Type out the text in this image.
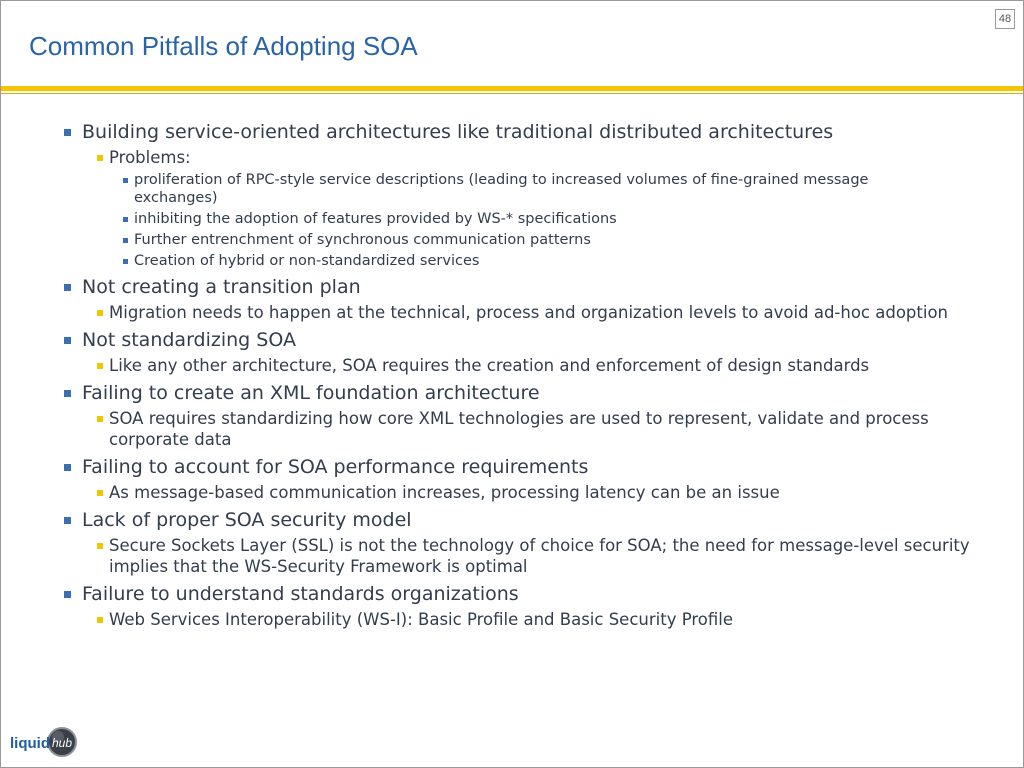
Common Pitfalls of Adopting SOA
48
Building service-oriented architectures like traditional distributed architectures
Problems:
proliferation of RPC-style service descriptions (leading to increased volumes of fine-grained message exchanges)
inhibiting the adoption of features provided by WS-* specifications
Further entrenchment of synchronous communication patterns
Creation of hybrid or non-standardized services
Not creating a transition plan
Migration needs to happen at the technical, process and organization levels to avoid ad-hoc adoption
Not standardizing SOA
Like any other architecture, SOA requires the creation and enforcement of design standards
Failing to create an XML foundation architecture
SOA requires standardizing how core XML technologies are used to represent, validate and process corporate data
Failing to account for SOA performance requirements
As message-based communication increases, processing latency can be an issue
Lack of proper SOA security model
Secure Sockets Layer (SSL) is not the technology of choice for SOA; the need for message-level security implies that the WS-Security Framework is optimal
Failure to understand standards organizations
Web Services Interoperability (WS-I): Basic Profile and Basic Security Profile
liquid hub
